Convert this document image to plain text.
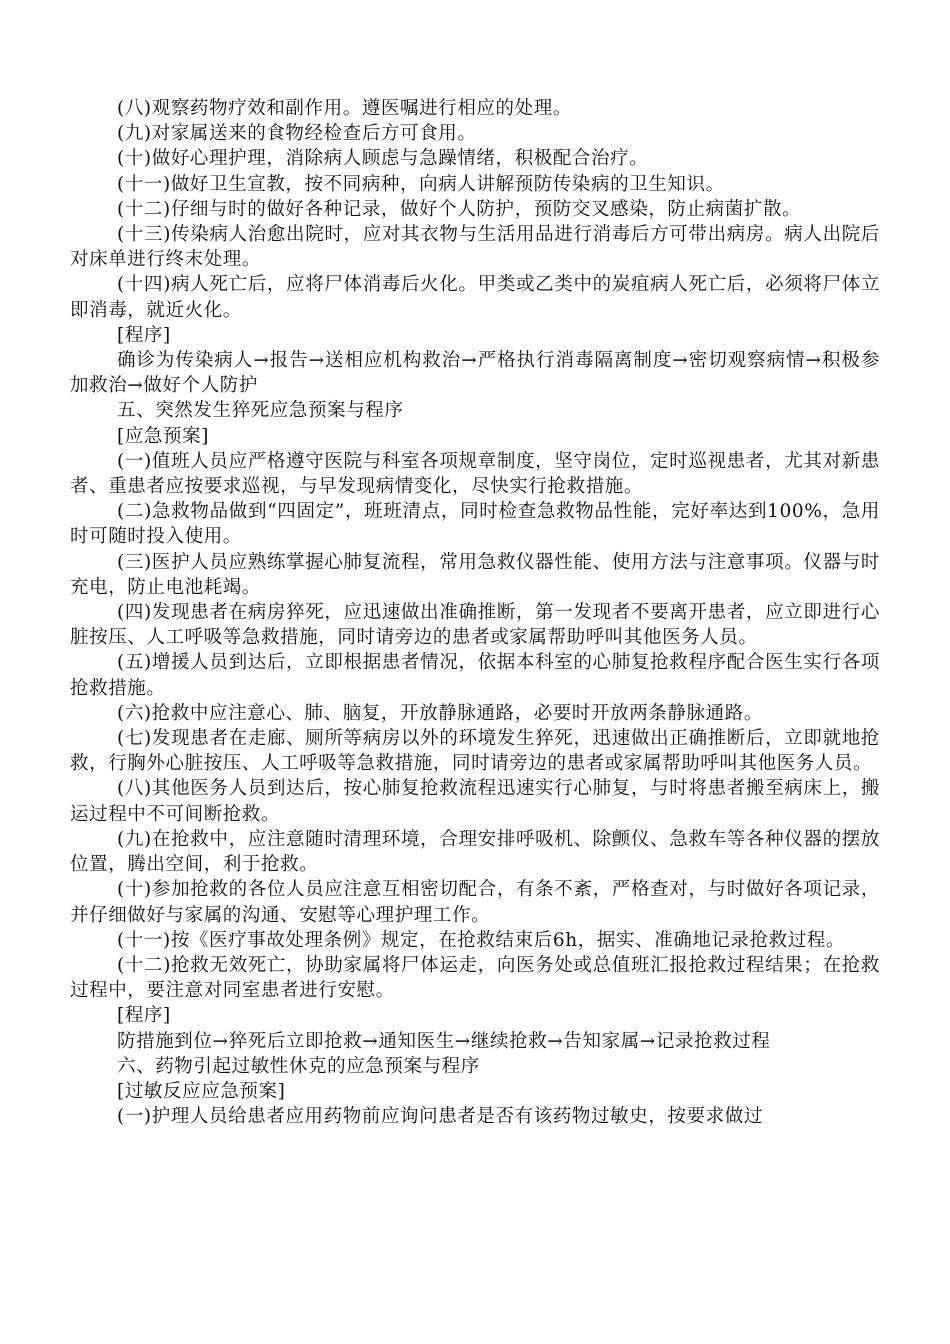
(八)观察药物疗效和副作用。遵医嘱进行相应的处理。

(九)对家属送来的食物经检查后方可食用。

(十)做好心理护理，消除病人顾虑与急躁情绪，积极配合治疗。

(十一)做好卫生宣教，按不同病种，向病人讲解预防传染病的卫生知识。

(十二)仔细与时的做好各种记录，做好个人防护，预防交叉感染，防止病菌扩散。

(十三)传染病人治愈出院时，应对其衣物与生活用品进行消毒后方可带出病房。病人出院后对床单进行终末处理。

(十四)病人死亡后，应将尸体消毒后火化。甲类或乙类中的炭疽病人死亡后，必须将尸体立即消毒，就近火化。

[程序]

确诊为传染病人→报告→送相应机构救治→严格执行消毒隔离制度→密切观察病情→积极参加救治→做好个人防护

五、突然发生猝死应急预案与程序

[应急预案]

(一)值班人员应严格遵守医院与科室各项规章制度，坚守岗位，定时巡视患者，尤其对新患者、重患者应按要求巡视，与早发现病情变化，尽快实行抢救措施。

(二)急救物品做到“四固定”，班班清点，同时检查急救物品性能，完好率达到100%，急用时可随时投入使用。

(三)医护人员应熟练掌握心肺复流程，常用急救仪器性能、使用方法与注意事项。仪器与时充电，防止电池耗竭。

(四)发现患者在病房猝死，应迅速做出准确推断，第一发现者不要离开患者，应立即进行心脏按压、人工呼吸等急救措施，同时请旁边的患者或家属帮助呼叫其他医务人员。

(五)增援人员到达后，立即根据患者情况，依据本科室的心肺复抢救程序配合医生实行各项抢救措施。

(六)抢救中应注意心、肺、脑复，开放静脉通路，必要时开放两条静脉通路。

(七)发现患者在走廊、厕所等病房以外的环境发生猝死，迅速做出正确推断后，立即就地抢救，行胸外心脏按压、人工呼吸等急救措施，同时请旁边的患者或家属帮助呼叫其他医务人员。

(八)其他医务人员到达后，按心肺复抢救流程迅速实行心肺复，与时将患者搬至病床上，搬运过程中不可间断抢救。

(九)在抢救中，应注意随时清理环境，合理安排呼吸机、除颤仪、急救车等各种仪器的摆放位置，腾出空间，利于抢救。

(十)参加抢救的各位人员应注意互相密切配合，有条不紊，严格查对，与时做好各项记录，并仔细做好与家属的沟通、安慰等心理护理工作。

(十一)按《医疗事故处理条例》规定，在抢救结束后6h，据实、准确地记录抢救过程。

(十二)抢救无效死亡，协助家属将尸体运走，向医务处或总值班汇报抢救过程结果；在抢救过程中，要注意对同室患者进行安慰。

[程序]

防措施到位→猝死后立即抢救→通知医生→继续抢救→告知家属→记录抢救过程

六、药物引起过敏性休克的应急预案与程序

[过敏反应应急预案]

(一)护理人员给患者应用药物前应询问患者是否有该药物过敏史，按要求做过
